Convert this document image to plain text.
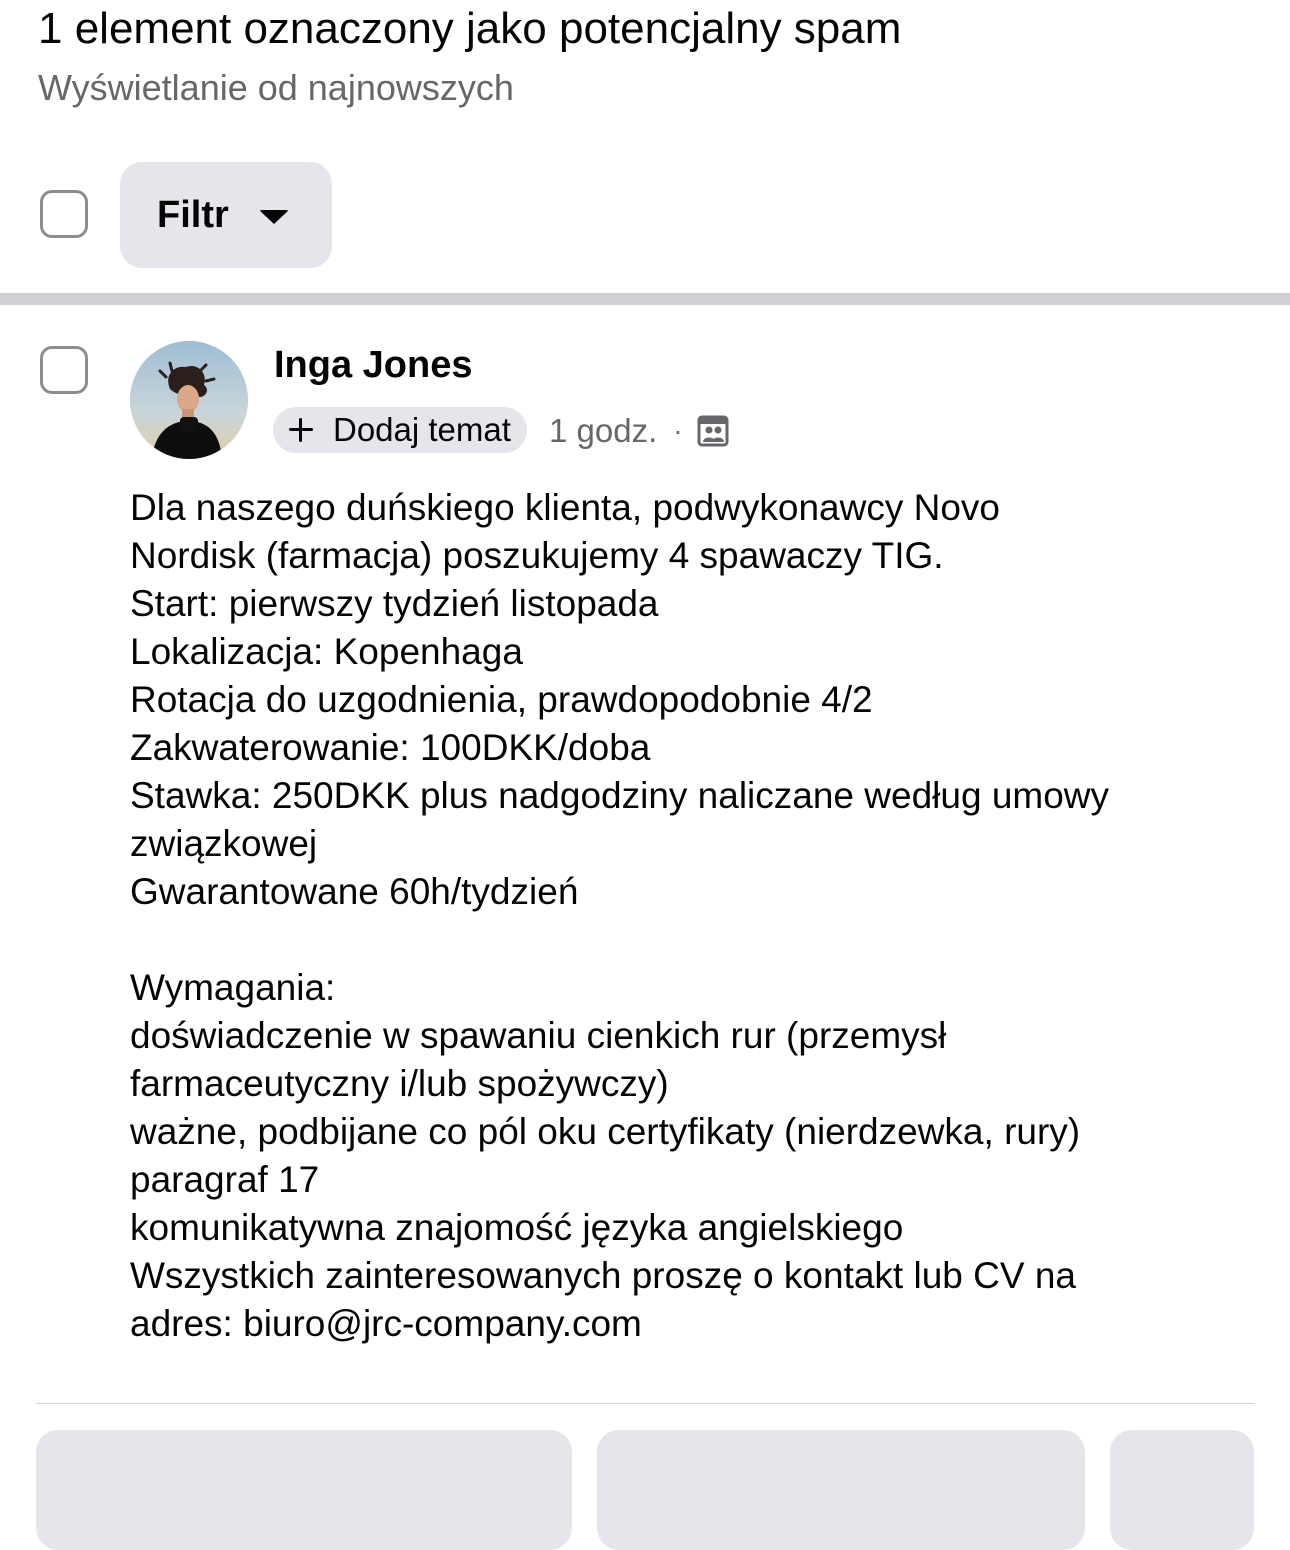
1 element oznaczony jako potencjalny spam
Wyświetlanie od najnowszych
Filtr
Inga Jones
Dodaj temat 1 godz. ·

Dla naszego duńskiego klienta, podwykonawcy Novo

Nordisk (farmacja) poszukujemy 4 spawaczy TIG.

Start: pierwszy tydzień listopada

Lokalizacja: Kopenhaga

Rotacja do uzgodnienia, prawdopodobnie 4/2

Zakwaterowanie: 100DKK/doba

Stawka: 250DKK plus nadgodziny naliczane według umowy

związkowej

Gwarantowane 60h/tydzień

Wymagania:

doświadczenie w spawaniu cienkich rur (przemysł

farmaceutyczny i/lub spożywczy)

ważne, podbijane co pól oku certyfikaty (nierdzewka, rury)

paragraf 17

komunikatywna znajomość języka angielskiego

Wszystkich zainteresowanych proszę o kontakt lub CV na

adres: biuro@jrc-company.com
